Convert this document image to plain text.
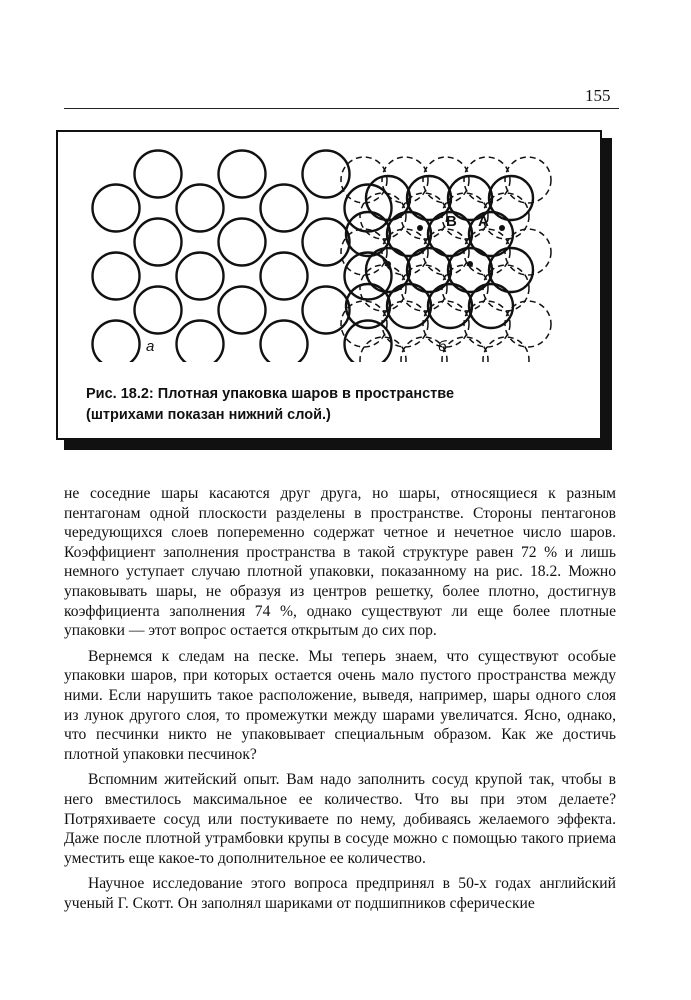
155
B A
а	б
Рис. 18.2: Плотная упаковка шаров в пространстве
(штрихами показан нижний слой.)

не соседние шары касаются друг друга, но шары, относящиеся к разным пентагонам одной плоскости разделены в пространстве. Стороны пентагонов чередующихся слоев попеременно содержат четное и нечетное число шаров. Коэффициент заполнения пространства в такой структуре равен 72 % и лишь немного уступает случаю плотной упаковки, показанному на рис. 18.2. Можно упаковывать шары, не образуя из центров решетку, более плотно, достигнув коэффициента заполнения 74 %, однако существуют ли еще более плотные упаковки — этот вопрос остается открытым до сих пор.

Вернемся к следам на песке. Мы теперь знаем, что существуют особые упаковки шаров, при которых остается очень мало пустого пространства между ними. Если нарушить такое расположение, выведя, например, шары одного слоя из лунок другого слоя, то промежутки между шарами увеличатся. Ясно, однако, что песчинки никто не упаковывает специальным образом. Как же достичь плотной упаковки песчинок?

Вспомним житейский опыт. Вам надо заполнить сосуд крупой так, чтобы в него вместилось максимальное ее количество. Что вы при этом делаете? Потряхиваете сосуд или постукиваете по нему, добиваясь желаемого эффекта. Даже после плотной утрамбовки крупы в сосуде можно с помощью такого приема уместить еще какое-то дополнительное ее количество.

Научное исследование этого вопроса предпринял в 50-х годах английский ученый Г. Скотт. Он заполнял шариками от подшипников сферические
